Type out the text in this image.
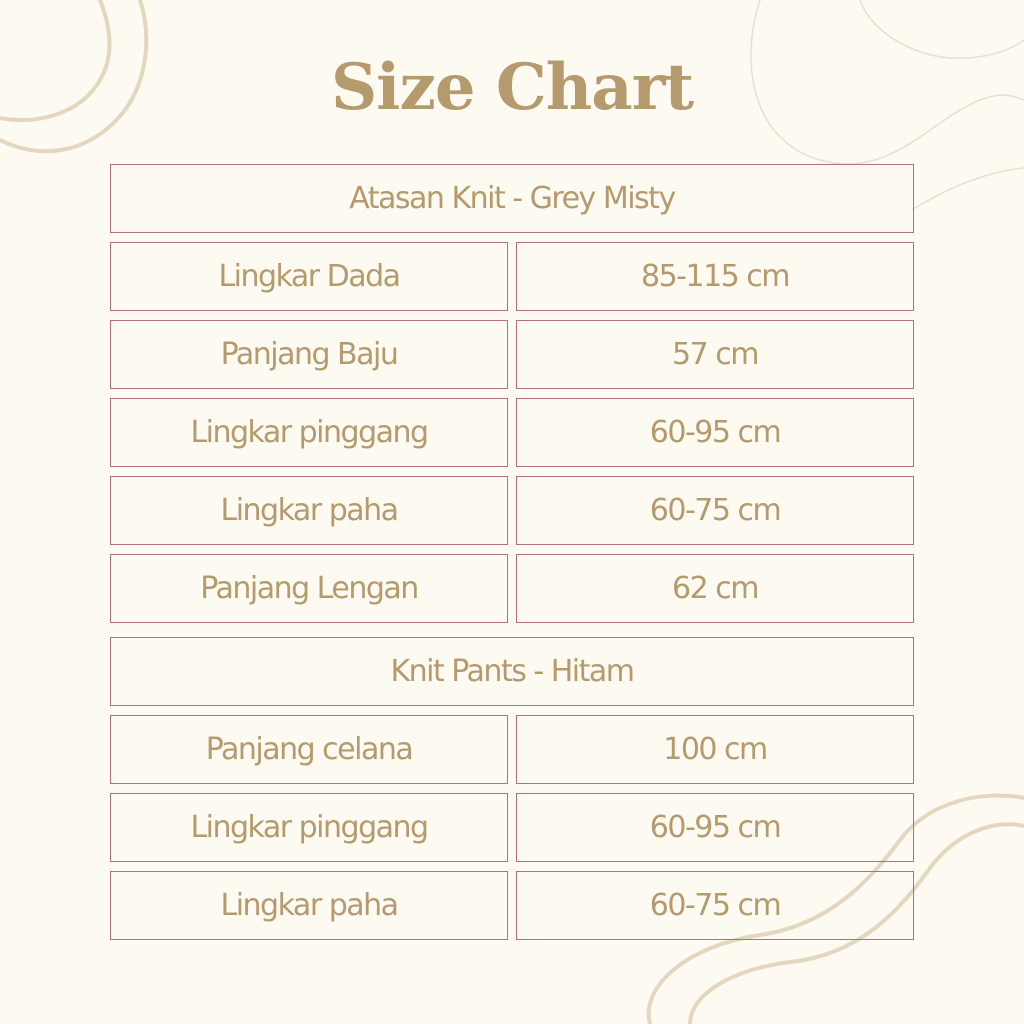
Size Chart
Atasan Knit - Grey Misty
Lingkar Dada	85-115 cm
Panjang Baju	57 cm
Lingkar pinggang	60-95 cm
Lingkar paha	60-75 cm
Panjang Lengan	62 cm
Knit Pants - Hitam
Panjang celana	100 cm
Lingkar pinggang	60-95 cm
Lingkar paha	60-75 cm
